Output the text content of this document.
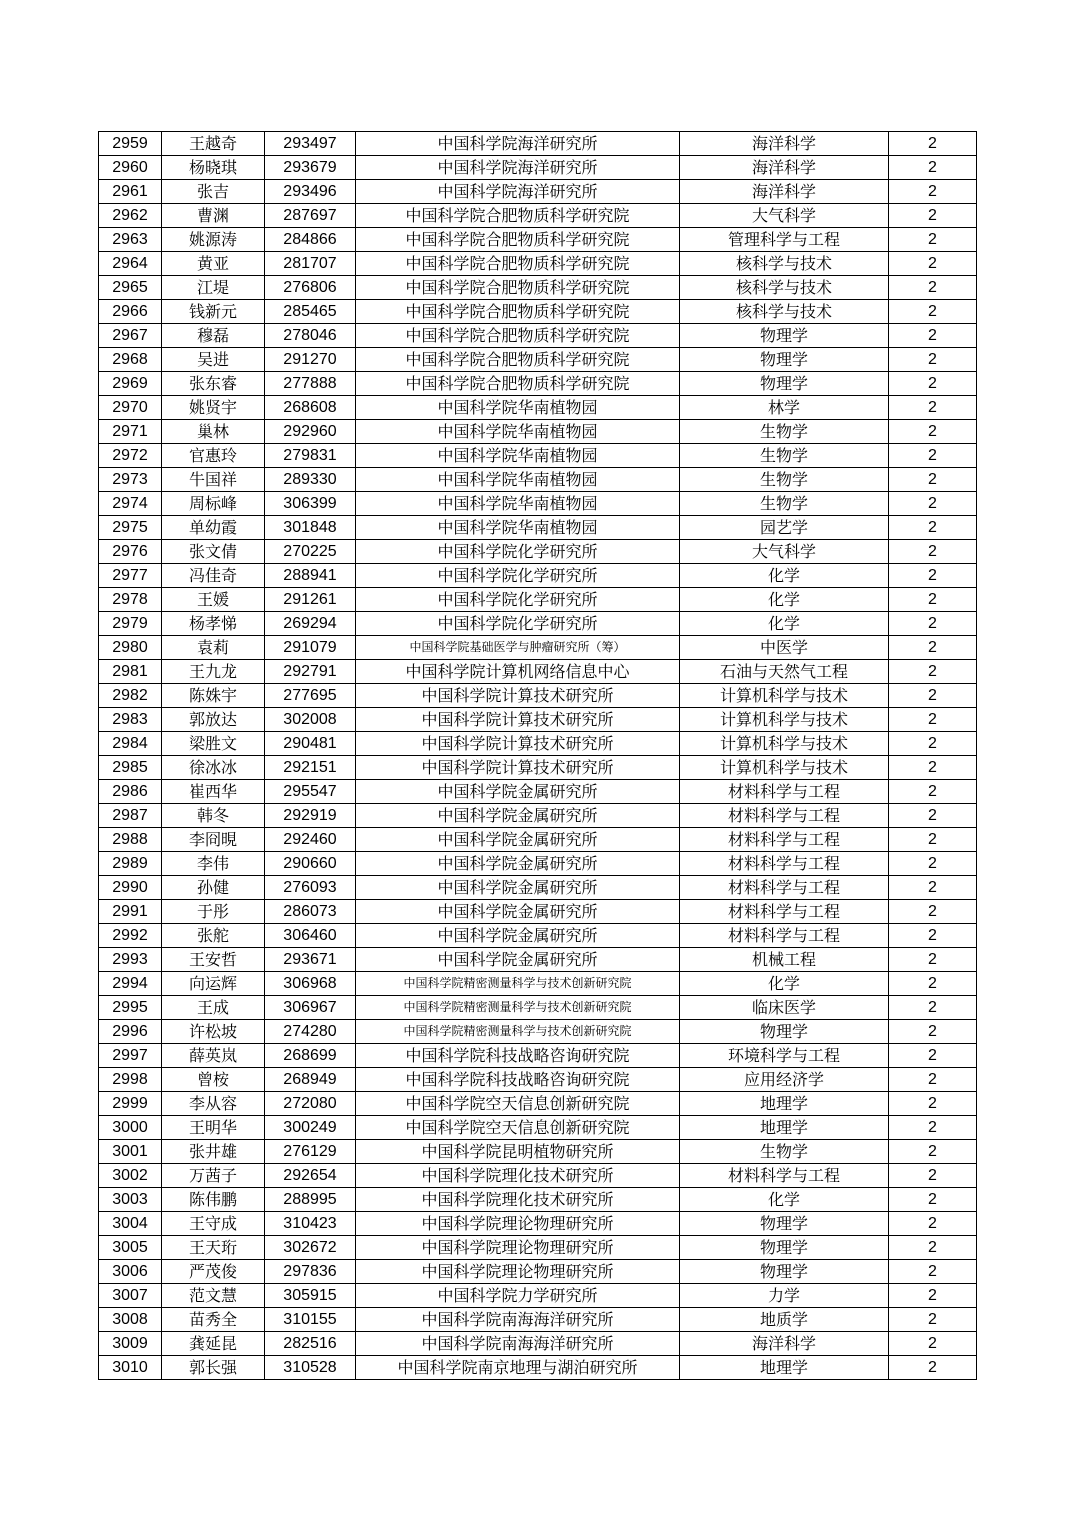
2959	王越奇	293497	中国科学院海洋研究所	海洋科学	2
2960	杨晓琪	293679	中国科学院海洋研究所	海洋科学	2
2961	张吉	293496	中国科学院海洋研究所	海洋科学	2
2962	曹渊	287697	中国科学院合肥物质科学研究院	大气科学	2
2963	姚源涛	284866	中国科学院合肥物质科学研究院	管理科学与工程	2
2964	黄亚	281707	中国科学院合肥物质科学研究院	核科学与技术	2
2965	江堤	276806	中国科学院合肥物质科学研究院	核科学与技术	2
2966	钱新元	285465	中国科学院合肥物质科学研究院	核科学与技术	2
2967	穆磊	278046	中国科学院合肥物质科学研究院	物理学	2
2968	吴进	291270	中国科学院合肥物质科学研究院	物理学	2
2969	张东睿	277888	中国科学院合肥物质科学研究院	物理学	2
2970	姚贤宇	268608	中国科学院华南植物园	林学	2
2971	巢林	292960	中国科学院华南植物园	生物学	2
2972	官惠玲	279831	中国科学院华南植物园	生物学	2
2973	牛国祥	289330	中国科学院华南植物园	生物学	2
2974	周标峰	306399	中国科学院华南植物园	生物学	2
2975	单幼霞	301848	中国科学院华南植物园	园艺学	2
2976	张文倩	270225	中国科学院化学研究所	大气科学	2
2977	冯佳奇	288941	中国科学院化学研究所	化学	2
2978	王媛	291261	中国科学院化学研究所	化学	2
2979	杨孝悌	269294	中国科学院化学研究所	化学	2
2980	袁莉	291079	中国科学院基础医学与肿瘤研究所（筹）	中医学	2
2981	王九龙	292791	中国科学院计算机网络信息中心	石油与天然气工程	2
2982	陈姝宇	277695	中国科学院计算技术研究所	计算机科学与技术	2
2983	郭放达	302008	中国科学院计算技术研究所	计算机科学与技术	2
2984	梁胜文	290481	中国科学院计算技术研究所	计算机科学与技术	2
2985	徐冰冰	292151	中国科学院计算技术研究所	计算机科学与技术	2
2986	崔西华	295547	中国科学院金属研究所	材料科学与工程	2
2987	韩冬	292919	中国科学院金属研究所	材料科学与工程	2
2988	李冏晛	292460	中国科学院金属研究所	材料科学与工程	2
2989	李伟	290660	中国科学院金属研究所	材料科学与工程	2
2990	孙健	276093	中国科学院金属研究所	材料科学与工程	2
2991	于彤	286073	中国科学院金属研究所	材料科学与工程	2
2992	张舵	306460	中国科学院金属研究所	材料科学与工程	2
2993	王安哲	293671	中国科学院金属研究所	机械工程	2
2994	向运辉	306968	中国科学院精密测量科学与技术创新研究院	化学	2
2995	王成	306967	中国科学院精密测量科学与技术创新研究院	临床医学	2
2996	许松坡	274280	中国科学院精密测量科学与技术创新研究院	物理学	2
2997	薛英岚	268699	中国科学院科技战略咨询研究院	环境科学与工程	2
2998	曾桉	268949	中国科学院科技战略咨询研究院	应用经济学	2
2999	李从容	272080	中国科学院空天信息创新研究院	地理学	2
3000	王明华	300249	中国科学院空天信息创新研究院	地理学	2
3001	张井雄	276129	中国科学院昆明植物研究所	生物学	2
3002	万茜子	292654	中国科学院理化技术研究所	材料科学与工程	2
3003	陈伟鹏	288995	中国科学院理化技术研究所	化学	2
3004	王守成	310423	中国科学院理论物理研究所	物理学	2
3005	王天珩	302672	中国科学院理论物理研究所	物理学	2
3006	严茂俊	297836	中国科学院理论物理研究所	物理学	2
3007	范文慧	305915	中国科学院力学研究所	力学	2
3008	苗秀全	310155	中国科学院南海海洋研究所	地质学	2
3009	龚延昆	282516	中国科学院南海海洋研究所	海洋科学	2
3010	郭长强	310528	中国科学院南京地理与湖泊研究所	地理学	2
